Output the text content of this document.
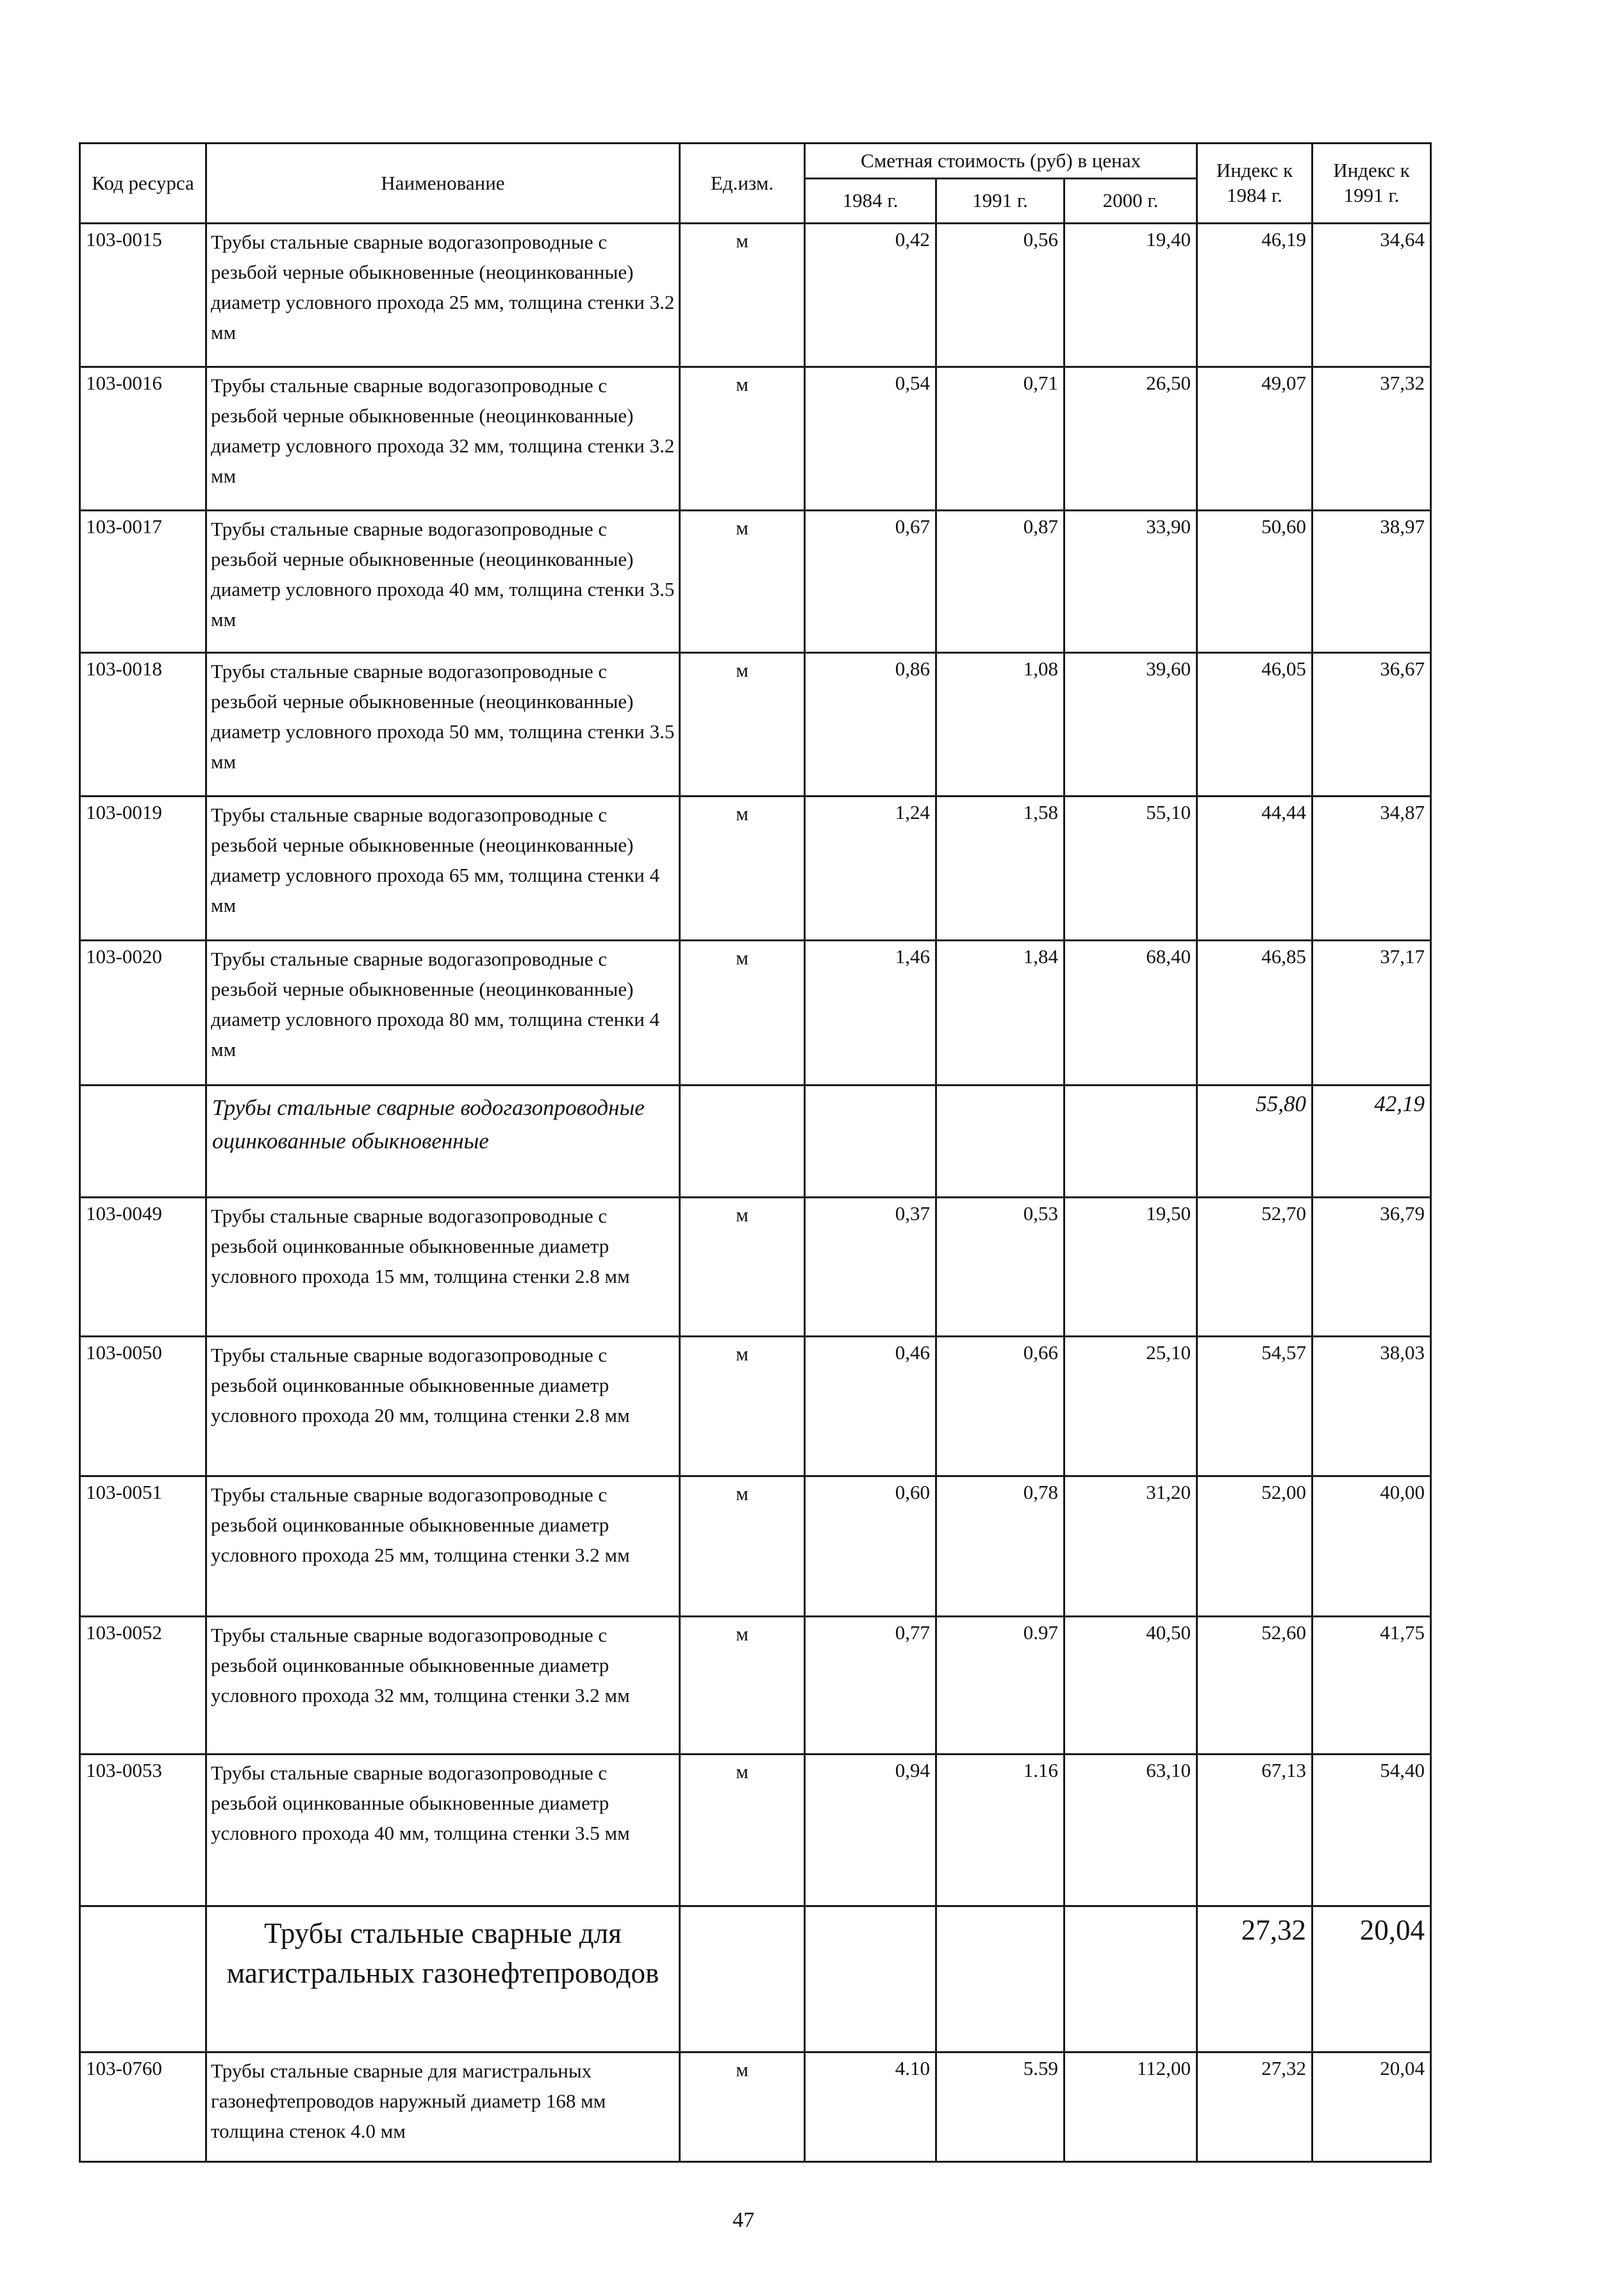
Код ресурса	Наименование	Ед.изм.	Сметная стоимость (руб) в ценах			Индекс к 1984 г.	Индекс к 1991 г.
			1984 г.	1991 г.	2000 г.		
103-0015	Трубы стальные сварные водогазопроводные с резьбой черные обыкновенные (неоцинкованные) диаметр условного прохода 25 мм, толщина стенки 3.2 мм	м	0,42	0,56	19,40	46,19	34,64
103-0016	Трубы стальные сварные водогазопроводные с резьбой черные обыкновенные (неоцинкованные) диаметр условного прохода 32 мм, толщина стенки 3.2 мм	м	0,54	0,71	26,50	49,07	37,32
103-0017	Трубы стальные сварные водогазопроводные с резьбой черные обыкновенные (неоцинкованные) диаметр условного прохода 40 мм, толщина стенки 3.5 мм	м	0,67	0,87	33,90	50,60	38,97
103-0018	Трубы стальные сварные водогазопроводные с резьбой черные обыкновенные (неоцинкованные) диаметр условного прохода 50 мм, толщина стенки 3.5 мм	м	0,86	1,08	39,60	46,05	36,67
103-0019	Трубы стальные сварные водогазопроводные с резьбой черные обыкновенные (неоцинкованные) диаметр условного прохода 65 мм, толщина стенки 4 мм	м	1,24	1,58	55,10	44,44	34,87
103-0020	Трубы стальные сварные водогазопроводные с резьбой черные обыкновенные (неоцинкованные) диаметр условного прохода 80 мм, толщина стенки 4 мм	м	1,46	1,84	68,40	46,85	37,17
	Трубы стальные сварные водогазопроводные оцинкованные обыкновенные					55,80	42,19
103-0049	Трубы стальные сварные водогазопроводные с резьбой оцинкованные обыкновенные диаметр условного прохода 15 мм, толщина стенки 2.8 мм	м	0,37	0,53	19,50	52,70	36,79
103-0050	Трубы стальные сварные водогазопроводные с резьбой оцинкованные обыкновенные диаметр условного прохода 20 мм, толщина стенки 2.8 мм	м	0,46	0,66	25,10	54,57	38,03
103-0051	Трубы стальные сварные водогазопроводные с резьбой оцинкованные обыкновенные диаметр условного прохода 25 мм, толщина стенки 3.2 мм	м	0,60	0,78	31,20	52,00	40,00
103-0052	Трубы стальные сварные водогазопроводные с резьбой оцинкованные обыкновенные диаметр условного прохода 32 мм, толщина стенки 3.2 мм	м	0,77	0.97	40,50	52,60	41,75
103-0053	Трубы стальные сварные водогазопроводные с резьбой оцинкованные обыкновенные диаметр условного прохода 40 мм, толщина стенки 3.5 мм	м	0,94	1.16	63,10	67,13	54,40
	Трубы стальные сварные для магистральных газонефтепроводов					27,32	20,04
103-0760	Трубы стальные сварные для магистральных газонефтепроводов наружный диаметр 168 мм толщина стенок 4.0 мм	м	4.10	5.59	112,00	27,32	20,04
47
